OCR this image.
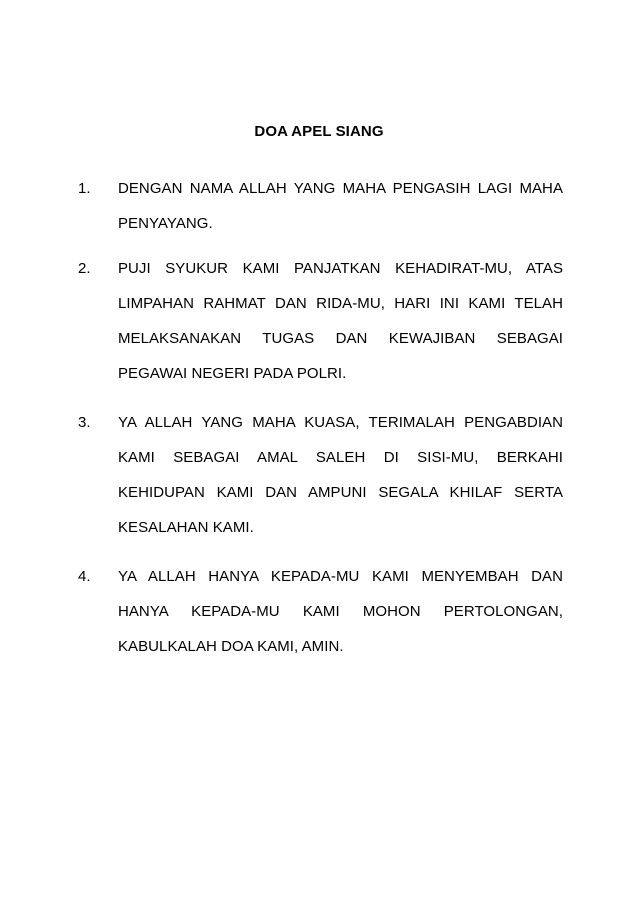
DOA APEL SIANG
1. DENGAN NAMA ALLAH YANG MAHA PENGASIH LAGI MAHA PENYAYANG.
2. PUJI SYUKUR KAMI PANJATKAN KEHADIRAT-MU, ATAS LIMPAHAN RAHMAT DAN RIDA-MU, HARI INI KAMI TELAH MELAKSANAKAN TUGAS DAN KEWAJIBAN SEBAGAI PEGAWAI NEGERI PADA POLRI.
3. YA ALLAH YANG MAHA KUASA, TERIMALAH PENGABDIAN KAMI SEBAGAI AMAL SALEH DI SISI-MU, BERKAHI KEHIDUPAN KAMI DAN AMPUNI SEGALA KHILAF SERTA KESALAHAN KAMI.
4. YA ALLAH HANYA KEPADA-MU KAMI MENYEMBAH DAN HANYA KEPADA-MU KAMI MOHON PERTOLONGAN, KABULKALAH DOA KAMI, AMIN.
